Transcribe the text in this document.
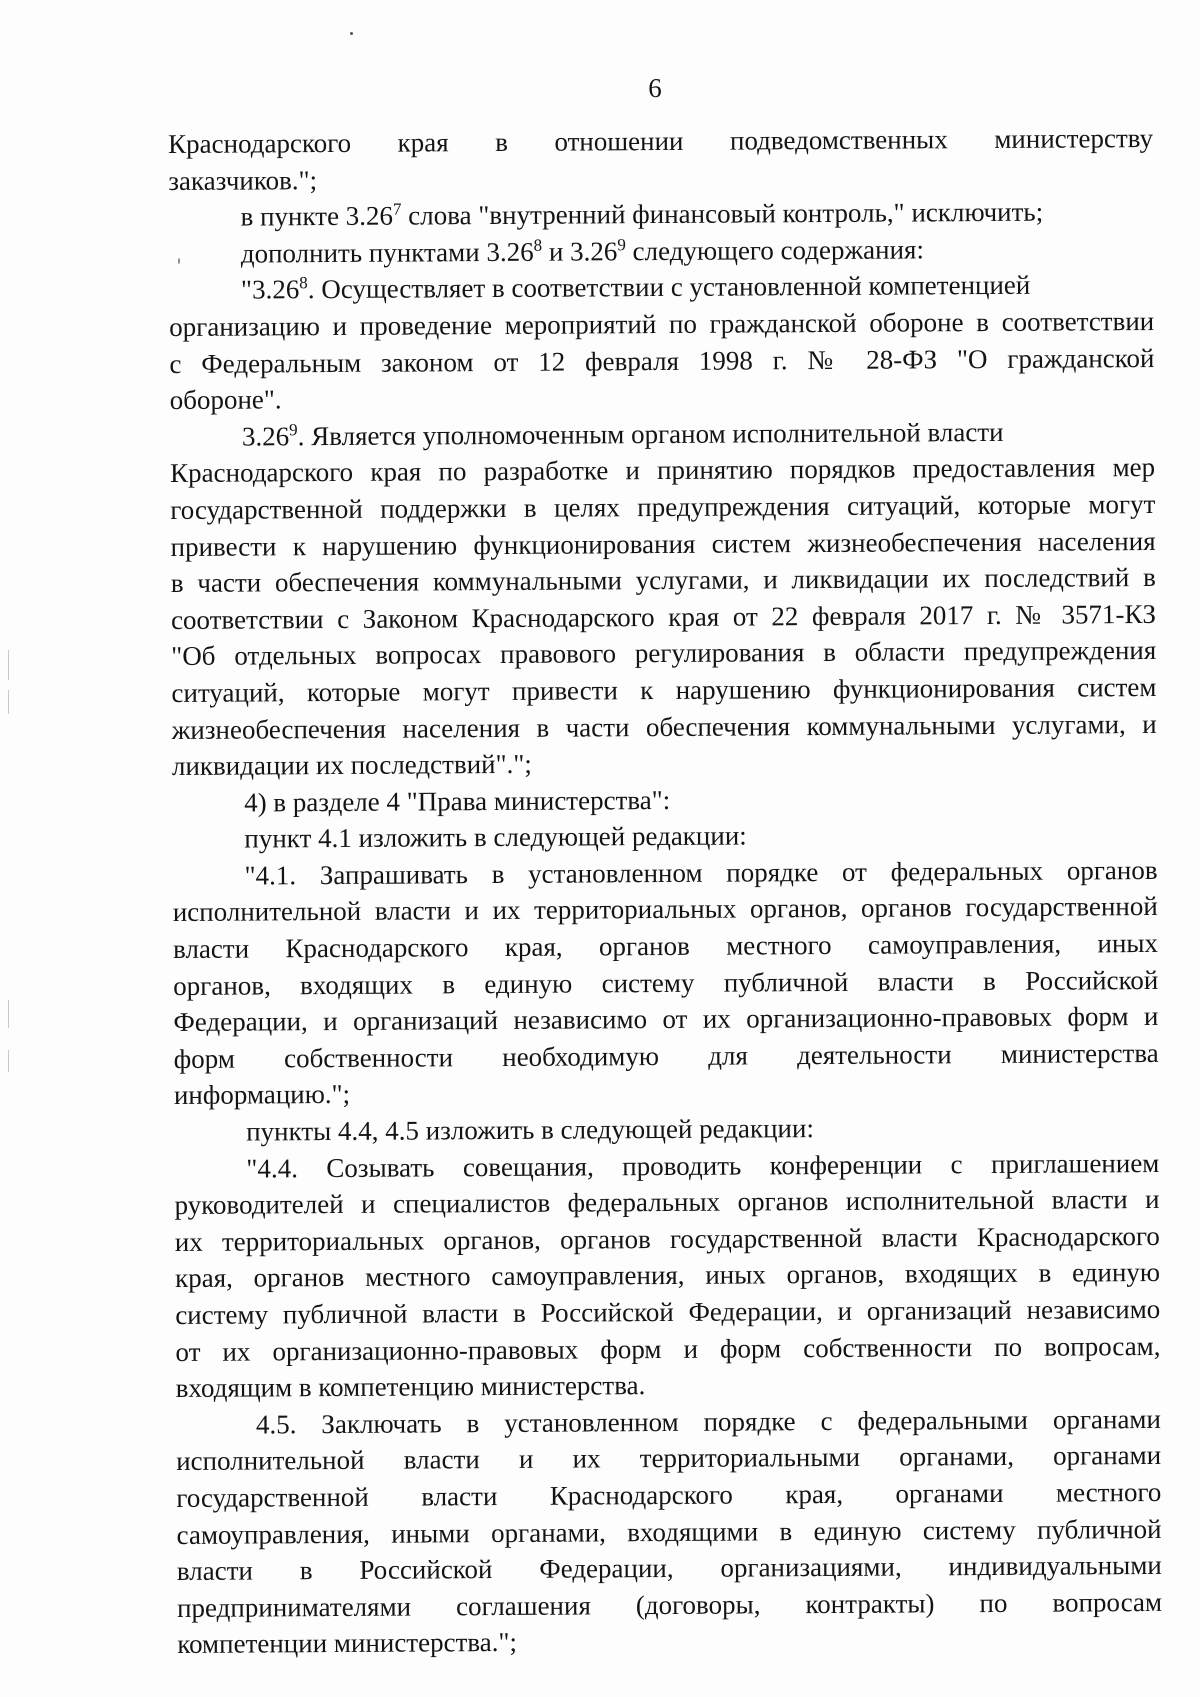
6
Краснодарского края в отношении подведомственных министерству
заказчиков.";
в пункте 3.26$^7$ слова "внутренний финансовый контроль," исключить;
дополнить пунктами 3.26$^8$ и 3.26$^9$ следующего содержания:
"3.26$^8$. Осуществляет в соответствии с установленной компетенцией
организацию и проведение мероприятий по гражданской обороне в соответствии
с Федеральным законом от 12 февраля 1998 г. № 28-ФЗ "О гражданской
обороне".
3.26$^9$. Является уполномоченным органом исполнительной власти
Краснодарского края по разработке и принятию порядков предоставления мер
государственной поддержки в целях предупреждения ситуаций, которые могут
привести к нарушению функционирования систем жизнеобеспечения населения
в части обеспечения коммунальными услугами, и ликвидации их последствий в
соответствии с Законом Краснодарского края от 22 февраля 2017 г. № 3571-КЗ
"Об отдельных вопросах правового регулирования в области предупреждения
ситуаций, которые могут привести к нарушению функционирования систем
жизнеобеспечения населения в части обеспечения коммунальными услугами, и
ликвидации их последствий".";
4) в разделе 4 "Права министерства":
пункт 4.1 изложить в следующей редакции:
"4.1. Запрашивать в установленном порядке от федеральных органов
исполнительной власти и их территориальных органов, органов государственной
власти Краснодарского края, органов местного самоуправления, иных
органов, входящих в единую систему публичной власти в Российской
Федерации, и организаций независимо от их организационно-правовых форм и
форм собственности необходимую для деятельности министерства
информацию.";
пункты 4.4, 4.5 изложить в следующей редакции:
"4.4. Созывать совещания, проводить конференции с приглашением
руководителей и специалистов федеральных органов исполнительной власти и
их территориальных органов, органов государственной власти Краснодарского
края, органов местного самоуправления, иных органов, входящих в единую
систему публичной власти в Российской Федерации, и организаций независимо
от их организационно-правовых форм и форм собственности по вопросам,
входящим в компетенцию министерства.
4.5. Заключать в установленном порядке с федеральными органами
исполнительной власти и их территориальными органами, органами
государственной власти Краснодарского края, органами местного
самоуправления, иными органами, входящими в единую систему публичной
власти в Российской Федерации, организациями, индивидуальными
предпринимателями соглашения (договоры, контракты) по вопросам
компетенции министерства.";
